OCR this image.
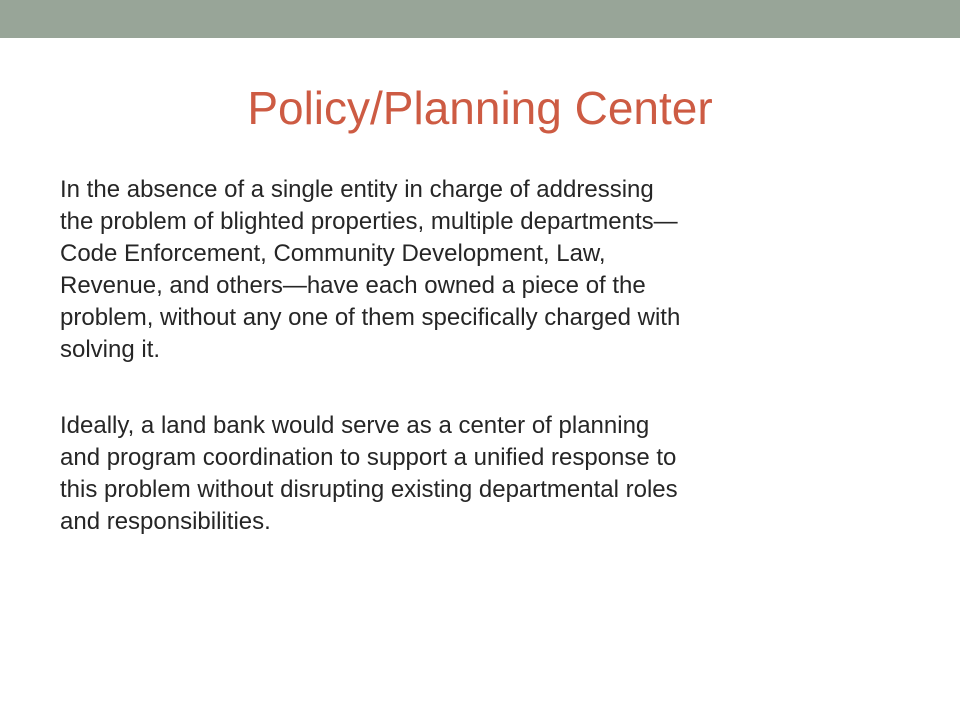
Policy/Planning Center

In the absence of a single entity in charge of addressing
the problem of blighted properties, multiple departments—
Code Enforcement, Community Development, Law,
Revenue, and others—have each owned a piece of the
problem, without any one of them specifically charged with
solving it.

Ideally, a land bank would serve as a center of planning
and program coordination to support a unified response to
this problem without disrupting existing departmental roles
and responsibilities.
